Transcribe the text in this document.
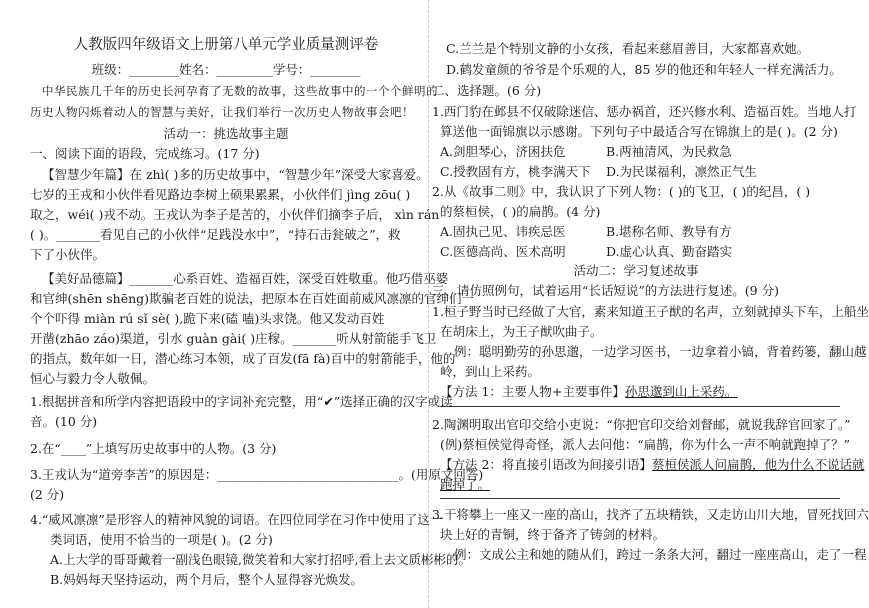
人教版四年级语文上册第八单元学业质量测评卷
班级：________姓名：_________学号：________
中华民族几千年的历史长河孕育了无数的故事，这些故事中的一个个鲜明的
历史人物闪烁着动人的智慧与美好，让我们举行一次历史人物故事会吧！
活动一：挑选故事主题
一、阅读下面的语段，完成练习。(17 分)
【智慧少年篇】在 zhì( )多的历史故事中，“智慧少年”深受大家喜爱。
七岁的王戎和小伙伴看见路边李树上硕果累累，小伙伴们 jìng zōu( )
取之，wéi( )戎不动。王戎认为李子是苦的，小伙伴们摘李子后， xìn rán
( )。_______看见自己的小伙伴“足践没水中”，“持石击瓮破之”，救
下了小伙伴。
【美好品德篇】_______心系百姓、造福百姓，深受百姓敬重。他巧借巫婆
和官绅(shēn shēng)欺骗老百姓的说法，把原本在百姓面前威风凛凛的官绅们一
个个吓得 miàn rú sǐ sè( ),跪下来(磕 嗑)头求饶。他又发动百姓
开凿(zhāo záo)渠道，引水 guàn gài( )庄稼。_______听从射箭能手飞卫
的指点，数年如一日，潜心练习本领，成了百发(fā fà)百中的射箭能手，他的
恒心与毅力令人敬佩。
1.根据拼音和所学内容把语段中的字词补充完整，用“✔”选择正确的汉字或读
音。(10 分)
2.在“____”上填写历史故事中的人物。(3 分)
3.王戎认为“道旁李苦”的原因是：_____________________________。(用原文回答)
(2 分)
4.“威风凛凛”是形容人的精神风貌的词语。在四位同学在习作中使用了这一
类词语，使用不恰当的一项是( )。(2 分)
A.上大学的哥哥戴着一副浅色眼镜,微笑着和大家打招呼,看上去文质彬彬的。
B.妈妈每天坚持运动，两个月后，整个人显得容光焕发。
C.兰兰是个特别文静的小女孩，看起来慈眉善目，大家都喜欢她。
D.鹤发童颜的爷爷是个乐观的人，85 岁的他还和年轻人一样充满活力。
二、选择题。(6 分)
1.西门豹在邺县不仅破除迷信、惩办祸首，还兴修水利、造福百姓。当地人打
算送他一面锦旗以示感谢。下列句子中最适合写在锦旗上的是( )。(2 分)
A.剑胆琴心，济困扶危	B.两袖清风，为民救急
C.授教固有方，桃李满天下 D.为民谋福利，凛然正气生
2.从《故事二则》中，我认识了下列人物：( )的飞卫，( )的纪昌，( )
的蔡桓侯，( )的扁鹊。(4 分)
A.固执己见、讳疾忌医	B.堪称名师、教导有方
C.医德高尚、医术高明	D.虚心认真、勤奋踏实
活动二：学习复述故事
三、请仿照例句，试着运用“长话短说”的方法进行复述。(9 分)
1.桓子野当时已经做了大官，素来知道王子猷的名声，立刻就掉头下车，上船坐
在胡床上，为王子猷吹曲子。
例：聪明勤劳的孙思邈，一边学习医书，一边拿着小镐，背着药篓，翻山越
岭，到山上采药。
【方法 1：主要人物+主要事件】孙思邈到山上采药。
2.陶渊明取出官印交给小吏说：“你把官印交给刘督邮，就说我辞官回家了。”
(例)蔡桓侯觉得奇怪，派人去问他：“扁鹊，你为什么一声不响就跑掉了？”
【方法 2：将直接引语改为间接引语】蔡桓侯派人问扁鹊，他为什么不说话就
跑掉了。
3.干将攀上一座又一座的高山，找齐了五块精铁，又走访山川大地，冒死找回六
块上好的青铜，终于备齐了铸剑的材料。
例：文成公主和她的随从们，跨过一条条大河，翻过一座座高山，走了一程
